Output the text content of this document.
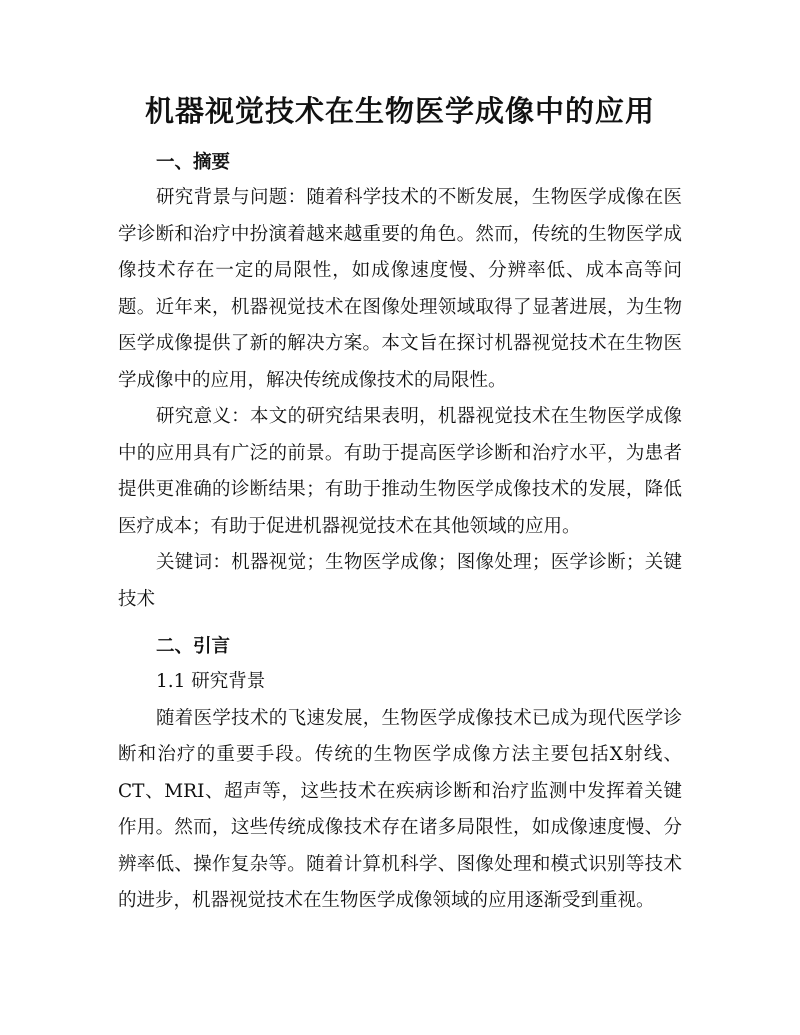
机器视觉技术在生物医学成像中的应用
一、摘要

研究背景与问题：随着科学技术的不断发展，生物医学成像在医学诊断和治疗中扮演着越来越重要的角色。然而，传统的生物医学成像技术存在一定的局限性，如成像速度慢、分辨率低、成本高等问题。近年来，机器视觉技术在图像处理领域取得了显著进展，为生物医学成像提供了新的解决方案。本文旨在探讨机器视觉技术在生物医学成像中的应用，解决传统成像技术的局限性。

研究意义：本文的研究结果表明，机器视觉技术在生物医学成像中的应用具有广泛的前景。有助于提高医学诊断和治疗水平，为患者提供更准确的诊断结果；有助于推动生物医学成像技术的发展，降低医疗成本；有助于促进机器视觉技术在其他领域的应用。

关键词：机器视觉；生物医学成像；图像处理；医学诊断；关键技术

二、引言

1.1 研究背景

随着医学技术的飞速发展，生物医学成像技术已成为现代医学诊断和治疗的重要手段。传统的生物医学成像方法主要包括X射线、CT、MRI、超声等，这些技术在疾病诊断和治疗监测中发挥着关键作用。然而，这些传统成像技术存在诸多局限性，如成像速度慢、分辨率低、操作复杂等。随着计算机科学、图像处理和模式识别等技术的进步，机器视觉技术在生物医学成像领域的应用逐渐受到重视。
